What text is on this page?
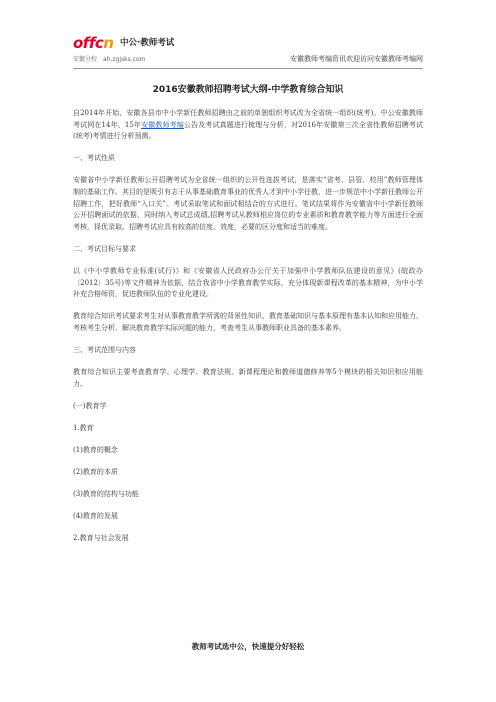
offcn 中公·教师考试
安徽分校 ah.zgjsks.com	安徽教师考编资讯欢迎访问安徽教师考编网
2016安徽教师招聘考试大纲-中学教育综合知识

自2014年开始，安徽各县市中小学新任教师招聘由之前的单独组织考试改为全省统一组织(统考)。中公安徽教师考试网在14年、15年安徽教师考编公告及考试真题进行梳理与分析，对2016年安徽第三次全省性教师招聘考试(统考)考情进行分析预测。

一、考试性质

安徽省中小学新任教师公开招聘考试为全省统一组织的公开性选拔考试，是落实“省考、县管、校用”教师管理体制的基础工作。其目的是吸引有志于从事基础教育事业的优秀人才到中小学任教，进一步规范中小学新任教师公开招聘工作，把好教师“入口关”。考试采取笔试和面试相结合的方式进行。笔试结果将作为安徽省中小学新任教师公开招聘面试的依据，同时纳入考试总成绩,招聘考试从教师相应岗位的专业素质和教育教学能力等方面进行全面考核，择优录取。招聘考试应具有较高的信度、效度，必要的区分度和适当的难度。

二、考试目标与要求

以《中小学教师专业标准(试行)》和《安徽省人民政府办公厅关于加强中小学教师队伍建设的意见》(皖政办〔2012〕35号)等文件精神为依据，结合我省中小学教育教学实际，充分体现新课程改革的基本精神，为中小学补充合格师资，促进教师队伍的专业化建设。

教育综合知识考试要求考生对从事教育教学所需的背景性知识、教育基础知识与基本原理有基本认知和应用能力，考核考生分析、解决教育教学实际问题的能力，考查考生从事教师职业具备的基本素养。

三、考试范围与内容

教育综合知识主要考查教育学、心理学、教育法规、新课程理论和教师道德修养等5个模块的相关知识和应用能力。

(一)教育学

1.教育

(1)教育的概念

(2)教育的本质

(3)教育的结构与功能

(4)教育的发展

2.教育与社会发展

教师考试选中公，快速提分好轻松
